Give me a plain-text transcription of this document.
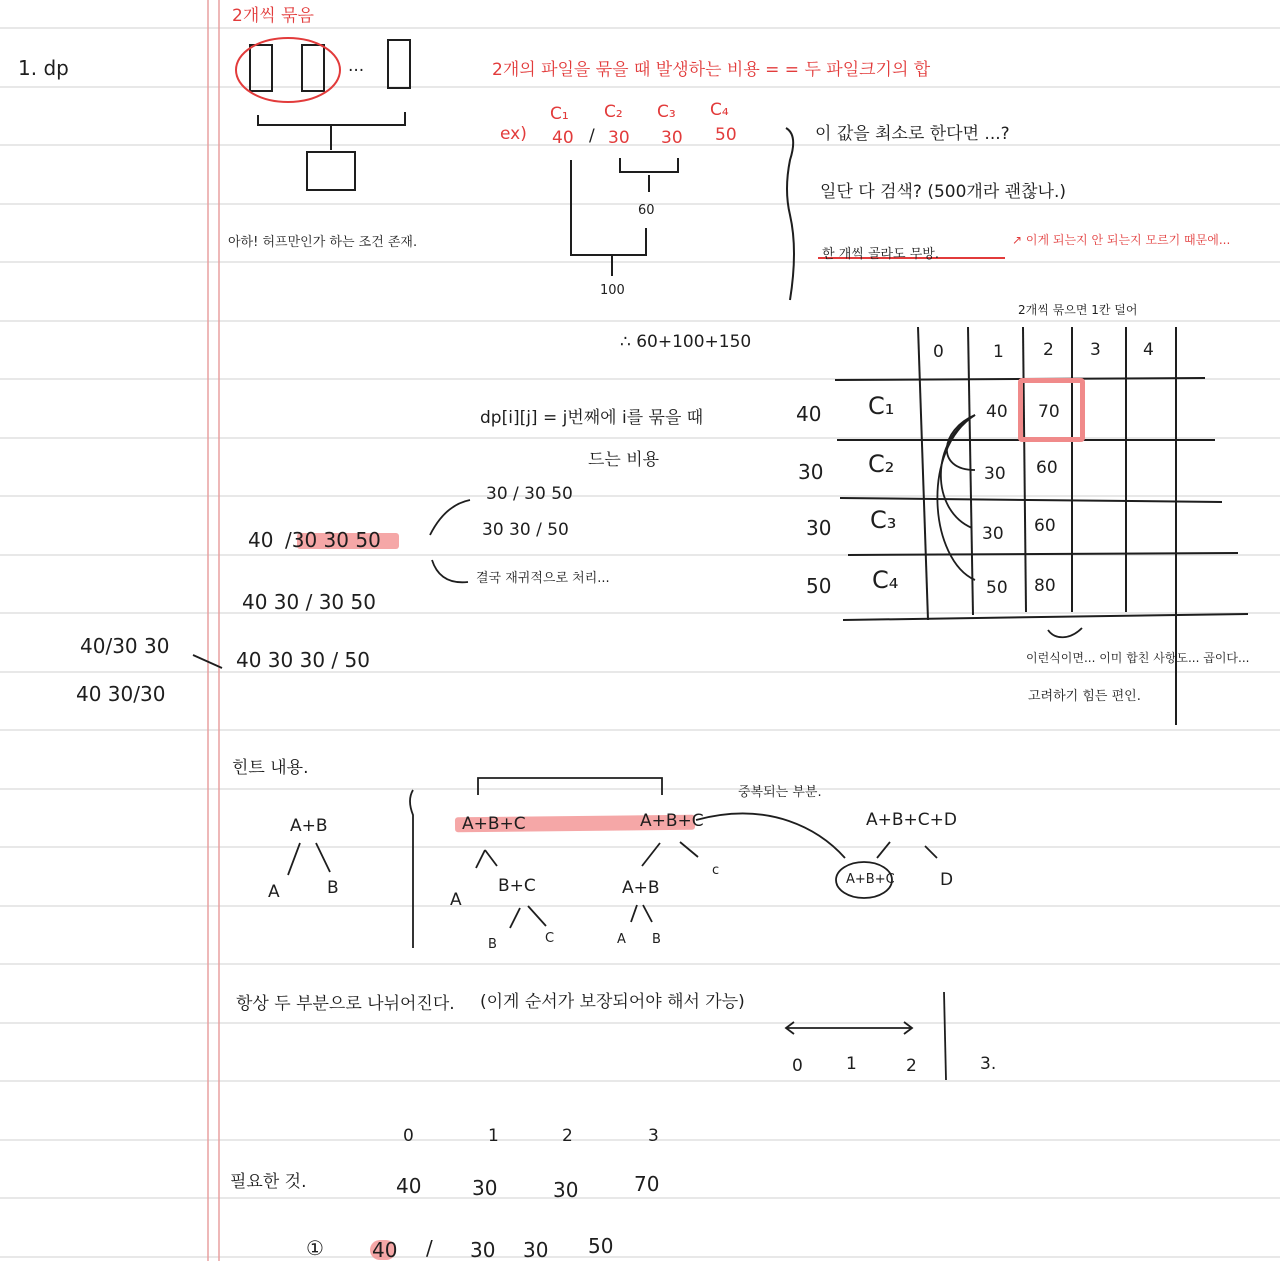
1. dp
40/30 30
40 30/30
2개씩 묶음
...
아하! 허프만인가 하는 조건 존재.
2개의 파일을 묶을 때 발생하는 비용 = = 두 파일크기의 합
ex)
C₁ C₂ C₃ C₄
40 / 30 30 50
60
100
∴ 60+100+150
이 값을 최소로 한다면 ...?
일단 다 검색? (500개라 괜찮나.)
한 개씩 골라도 무방.
↗ 이게 되는지 안 되는지 모르기 때문에...
dp[i][j] = j번째에 i를 묶을 때
드는 비용
40 /30 30 50
40 30 / 30 50
40 30 30 / 50
30 / 30 50
30 30 / 50
결국 재귀적으로 처리...
2개씩 묶으면 1칸 덜어
0	1 2 3 4
40 C₁	40 70
30 C₂	30 60
30 C₃	30 60
50 C₄	50 80
이런식이면... 이미 합친 사항도... 곱이다...
고려하기 힘든 편인.
힌트 내용.
A+B
A	B
A+B+C	A+B+C
A
B+C
B	C
A+B
A B
c
중복되는 부분.
A+B+C+D
A+B+C	D
항상 두 부분으로 나뉘어진다. (이게 순서가 보장되어야 해서 가능)
0	1	2	3.
필요한 것.
0	1	2	3
40	30	30	70
① 40 / 30 30 50
